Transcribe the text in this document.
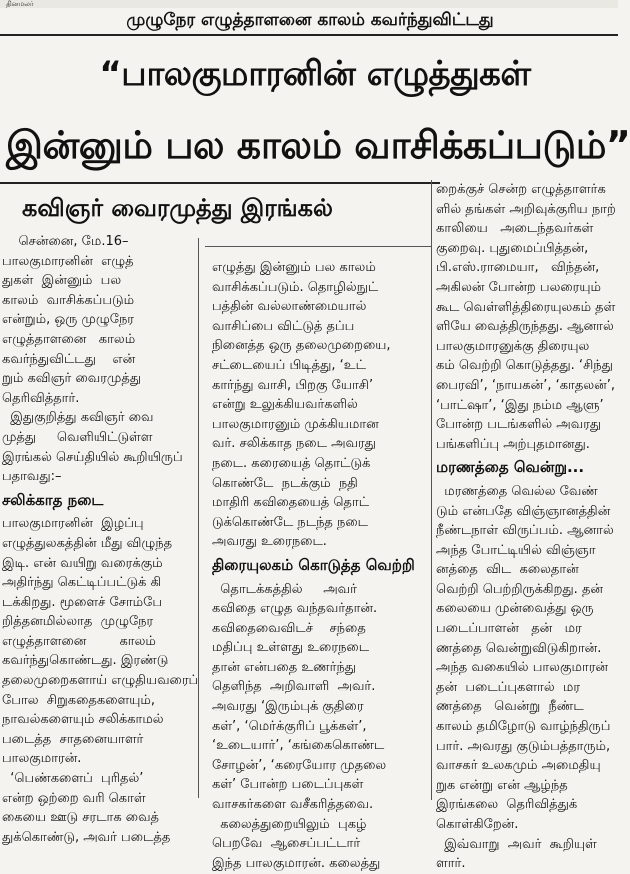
தினமலர்
முழுநேர எழுத்தாளனை காலம் கவர்ந்துவிட்டது
“பாலகுமாரனின் எழுத்துகள்
இன்னும் பல காலம் வாசிக்கப்படும்”
கவிஞர் வைரமுத்து இரங்கல்

சென்னை, மே.16–

பாலகுமாரனின்  எழுத்

துகள்  இன்னும்  பல

காலம்  வாசிக்கப்படும்

என்றும், ஒரு முழுநேர

எழுத்தாளனை   காலம்

கவர்ந்துவிட்டது    என்

றும் கவிஞர் வைரமுத்து

தெரிவித்தார்.

இதுகுறித்து கவிஞர் வை

முத்து     வெளியிட்டுள்ள

இரங்கல் செய்தியில் கூறியிருப்

பதாவது:–

சலிக்காத நடை

பாலகுமாரனின்  இழப்பு

எழுத்துலகத்தின் மீது விழுந்த

இடி. என் வயிறு வரைக்கும்

அதிர்ந்து கெட்டிப்பட்டுக் கி

டக்கிறது. மூளைச் சோம்பே

றித்தனமில்லாத  முழுநேர

எழுத்தாளனை        காலம்

கவர்ந்துகொண்டது. இரண்டு

தலைமுறைகளாய் எழுதியவரைப்

போல  சிறுகதைகளையும்,

நாவல்களையும் சலிக்காமல்

படைத்த  சாதனையாளர்

பாலகுமாரன்.

‘பெண்களைப்  புரிதல்’

என்ற ஒற்றை வரி கொள்

கையை ஊடு சரடாக வைத்

துக்கொண்டு, அவர் படைத்த

எழுத்து இன்னும் பல காலம்

வாசிக்கப்படும். தொழில்நுட்

பத்தின் வல்லாண்மையால்

வாசிப்பை விட்டுத் தப்ப

நினைத்த ஒரு தலைமுறையை,

சட்டையைப் பிடித்து, ‘உட்

கார்ந்து வாசி, பிறகு யோசி’

என்று உலுக்கியவர்களில்

பாலகுமாரனும் முக்கியமான

வர். சலிக்காத நடை அவரது

நடை. கரையைத் தொட்டுக்

கொண்டே  நடக்கும்  நதி

மாதிரி கவிதையைத் தொட்

டுக்கொண்டே நடந்த நடை

அவரது உரைநடை.

திரையுலகம் கொடுத்த வெற்றி

தொடக்கத்தில்     அவர்

கவிதை எழுத வந்தவர்தான்.

கவிதைவைவிடச்    சந்தை

மதிப்பு உள்ளது உரைநடை

தான் என்பதை உணர்ந்து

தெளிந்த  அறிவாளி  அவர்.

அவரது ‘இரும்புக் குதிரை

கள்’, ‘மெர்க்குரிப் பூக்கள்’,

‘உடையார்’, ‘கங்கைகொண்ட

சோழன்’, ‘கரையோர முதலை

கள்’ போன்ற படைப்புகள்

வாசகர்களை வசீகரித்தவை.

கலைத்துறையிலும்  புகழ்

பெறவே  ஆசைப்பட்டார்

இந்த பாலகுமாரன். கலைத்து

றைக்குச் சென்ற எழுத்தாளர்க

ளில் தங்கள் அறிவுக்குரிய நாற்

காலியை   அடைந்தவர்கள்

குறைவு. புதுமைப்பித்தன்,

பி.எஸ்.ராமையா,   விந்தன்,

அகிலன் போன்ற பலரையும்

கூட வெள்ளித்திரையுலகம் தள்

ளியே வைத்திருந்தது. ஆனால்

பாலகுமாரனுக்கு திரையுல

கம் வெற்றி கொடுத்தது. ‘சிந்து

பைரவி’, ‘நாயகன்’, ‘காதலன்’,

‘பாட்ஷா’, ‘இது நம்ம ஆளு’

போன்ற படங்களில் அவரது

பங்களிப்பு அற்புதமானது.

மரணத்தை வென்று...

மரணத்தை வெல்ல வேண்

டும் என்பதே விஞ்ஞானத்தின்

நீண்டநாள் விருப்பம். ஆனால்

அந்த போட்டியில் விஞ்ஞா

னத்தை  விட  கலைதான்

வெற்றி பெற்றிருக்கிறது. தன்

கலையை முன்வைத்து ஒரு

படைப்பாளன்   தன்   மர

ணத்தை வென்றுவிடுகிறான்.

அந்த வகையில் பாலகுமாரன்

தன்  படைப்புகளால்  மர

ணத்தை   வென்று  நீண்ட

காலம் தமிழோடு வாழ்ந்திருப்

பார். அவரது குடும்பத்தாரும்,

வாசகர் உலகமும் அமைதியு

றுக என்று என் ஆழ்ந்த

இரங்கலை  தெரிவித்துக்

கொள்கிறேன்.

இவ்வாறு  அவர்  கூறியுள்

ளார்.
